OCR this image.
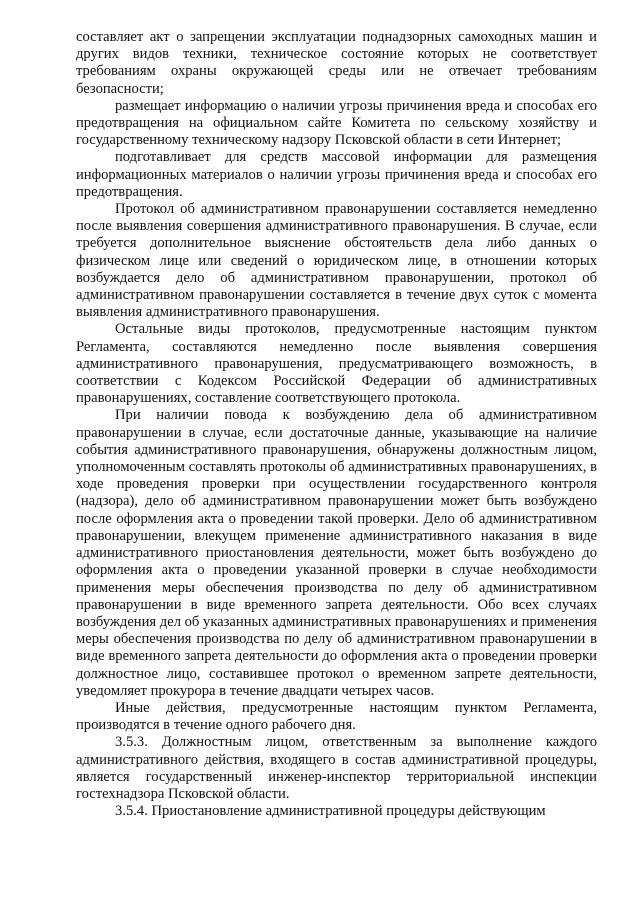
составляет акт о запрещении эксплуатации поднадзорных самоходных машин и других видов техники, техническое состояние которых не соответствует требованиям охраны окружающей среды или не отвечает требованиям безопасности;

размещает информацию о наличии угрозы причинения вреда и способах его предотвращения на официальном сайте Комитета по сельскому хозяйству и государственному техническому надзору Псковской области в сети Интернет;

подготавливает для средств массовой информации для размещения информационных материалов о наличии угрозы причинения вреда и способах его предотвращения.

Протокол об административном правонарушении составляется немедленно после выявления совершения административного правонарушения. В случае, если требуется дополнительное выяснение обстоятельств дела либо данных о физическом лице или сведений о юридическом лице, в отношении которых возбуждается дело об административном правонарушении, протокол об административном правонарушении составляется в течение двух суток с момента выявления административного правонарушения.

Остальные виды протоколов, предусмотренные настоящим пунктом Регламента, составляются немедленно после выявления совершения административного правонарушения, предусматривающего возможность, в соответствии с Кодексом Российской Федерации об административных правонарушениях, составление соответствующего протокола.

При наличии повода к возбуждению дела об административном правонарушении в случае, если достаточные данные, указывающие на наличие события административного правонарушения, обнаружены должностным лицом, уполномоченным составлять протоколы об административных правонарушениях, в ходе проведения проверки при осуществлении государственного контроля (надзора), дело об административном правонарушении может быть возбуждено после оформления акта о проведении такой проверки. Дело об административном правонарушении, влекущем применение административного наказания в виде административного приостановления деятельности, может быть возбуждено до оформления акта о проведении указанной проверки в случае необходимости применения меры обеспечения производства по делу об административном правонарушении в виде временного запрета деятельности. Обо всех случаях возбуждения дел об указанных административных правонарушениях и применения меры обеспечения производства по делу об административном правонарушении в виде временного запрета деятельности до оформления акта о проведении проверки должностное лицо, составившее протокол о временном запрете деятельности, уведомляет прокурора в течение двадцати четырех часов.

Иные действия, предусмотренные настоящим пунктом Регламента, производятся в течение одного рабочего дня.

3.5.3. Должностным лицом, ответственным за выполнение каждого административного действия, входящего в состав административной процедуры, является государственный инженер-инспектор территориальной инспекции гостехнадзора Псковской области.

3.5.4. Приостановление административной процедуры действующим
